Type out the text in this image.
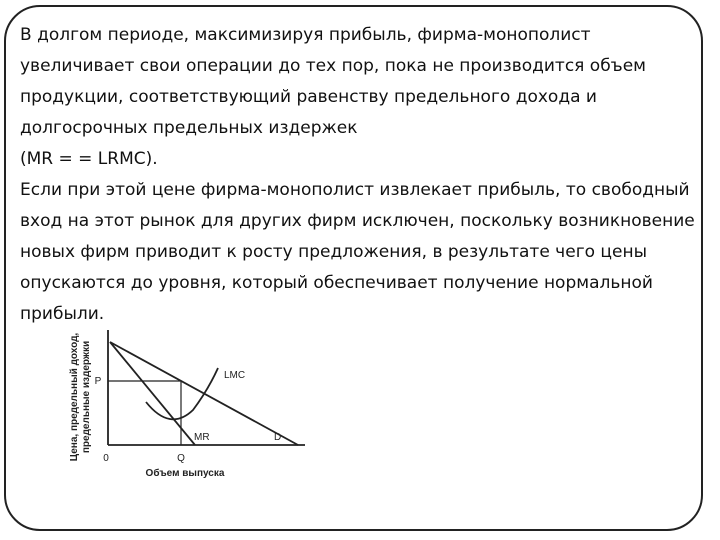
В долгом периоде, максимизируя прибыль, фирма-монополист увеличивает свои операции до тех пор, пока не производится объем продукции, соответствующий равенству предельного дохода и долгосрочных предельных издержек

(MR = = LRMC).

Если при этой цене фирма-монополист извлекает прибыль, то свободный вход на этот рынок для других фирм исключен, поскольку возникновение новых фирм приводит к росту предложения, в результате чего цены опускаются до уровня, который обеспечивает получение нормальной прибыли.

Цена, предельный доход, предельные издержки
0
P
Q
LMC
MR	D
Объем выпуска
